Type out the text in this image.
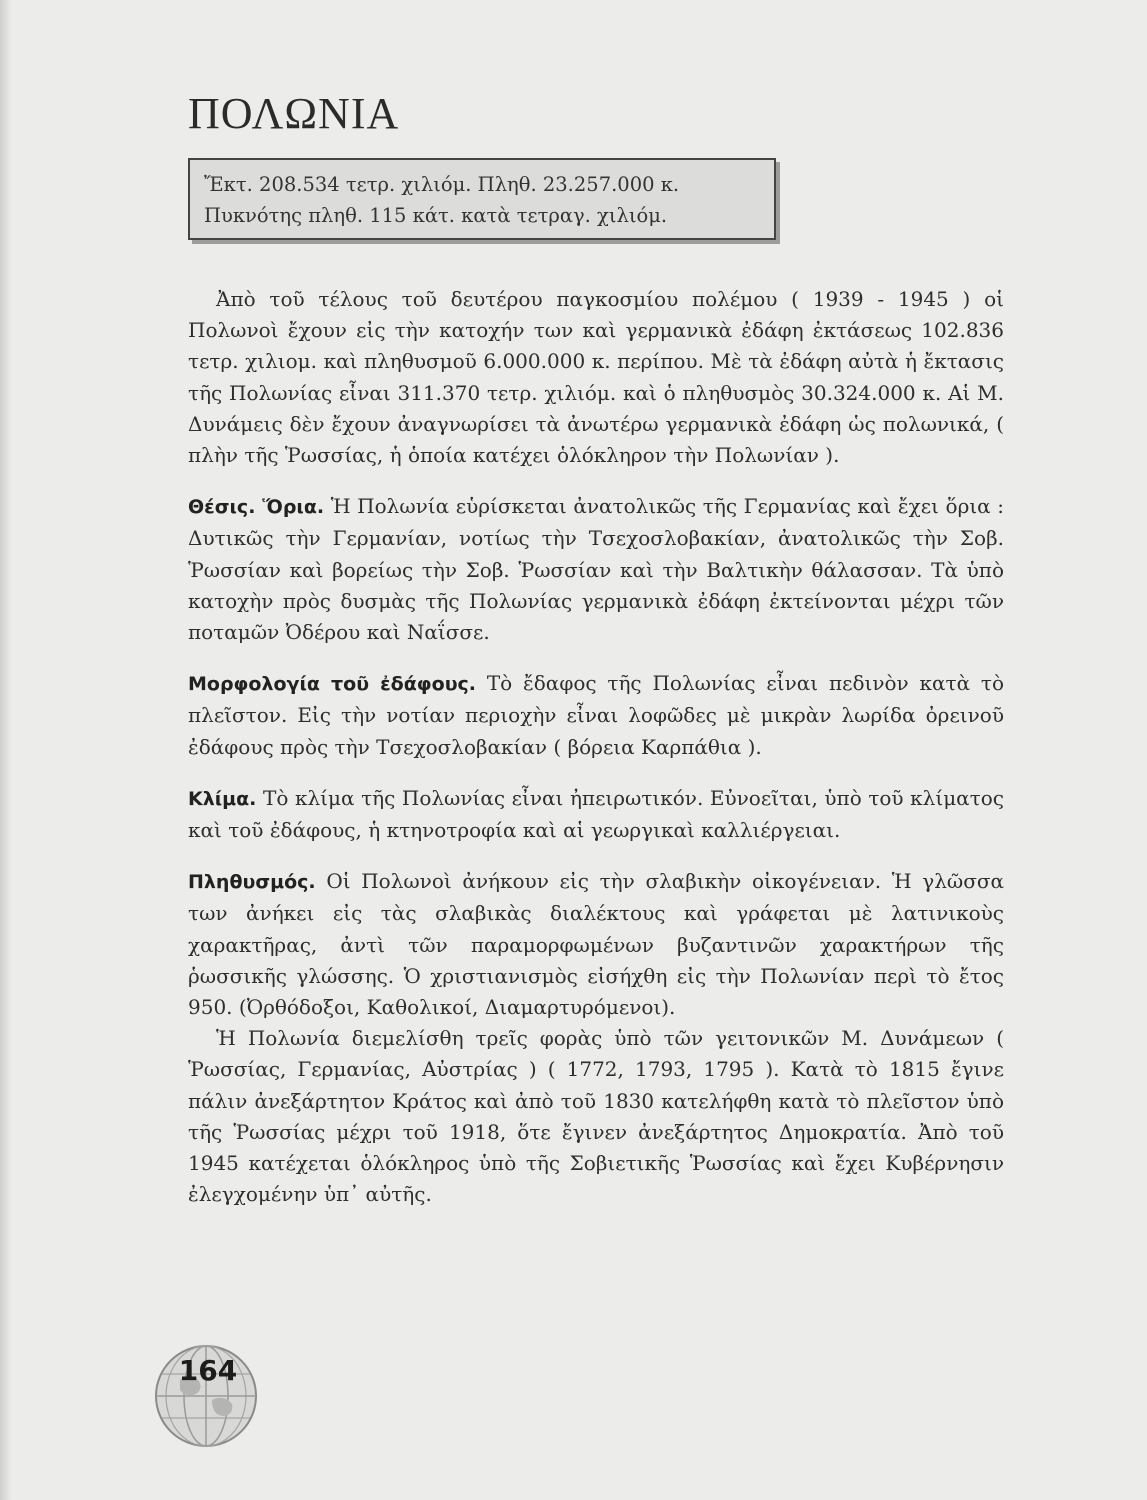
ΠΟΛΩΝΙΑ
Ἔκτ. 208.534 τετρ. χιλιόμ. Πληθ. 23.257.000 κ.
Πυκνότης πληθ. 115 κάτ. κατὰ τετραγ. χιλιόμ.

Ἀπὸ τοῦ τέλους τοῦ δευτέρου παγκοσμίου πολέμου ( 1939 - 1945 ) οἱ Πολωνοὶ ἔχουν εἰς τὴν κατοχήν των καὶ γερμανικὰ ἐδάφη ἐκτάσεως 102.836 τετρ. χιλιομ. καὶ πληθυσμοῦ 6.000.000 κ. περίπου. Μὲ τὰ ἐδάφη αὐτὰ ἡ ἔκτασις τῆς Πολωνίας εἶναι 311.370 τετρ. χιλιόμ. καὶ ὁ πληθυσμὸς 30.324.000 κ. Αἱ Μ. Δυνάμεις δὲν ἔχουν ἀναγνωρίσει τὰ ἀνωτέρω γερμανικὰ ἐδάφη ὡς πολωνικά, ( πλὴν τῆς Ῥωσσίας, ἡ ὁποία κατέχει ὁλόκληρον τὴν Πολωνίαν ).

Θέσις. Ὅρια. Ἡ Πολωνία εὑρίσκεται ἀνατολικῶς τῆς Γερμανίας καὶ ἔχει ὅρια : Δυτικῶς τὴν Γερμανίαν, νοτίως τὴν Τσεχοσλοβακίαν, ἀνατολικῶς τὴν Σοβ. Ῥωσσίαν καὶ βορείως τὴν Σοβ. Ῥωσσίαν καὶ τὴν Βαλτικὴν θάλασσαν. Τὰ ὑπὸ κατοχὴν πρὸς δυσμὰς τῆς Πολωνίας γερμανικὰ ἐδάφη ἐκτείνονται μέχρι τῶν ποταμῶν Ὀδέρου καὶ Ναΐσσε.

Μορφολογία τοῦ ἐδάφους. Τὸ ἔδαφος τῆς Πολωνίας εἶναι πεδινὸν κατὰ τὸ πλεῖστον. Εἰς τὴν νοτίαν περιοχὴν εἶναι λοφῶδες μὲ μικρὰν λωρίδα ὀρεινοῦ ἐδάφους πρὸς τὴν Τσεχοσλοβακίαν ( βόρεια Καρπάθια ).

Κλίμα. Τὸ κλίμα τῆς Πολωνίας εἶναι ἠπειρωτικόν. Εὐνοεῖται, ὑπὸ τοῦ κλίματος καὶ τοῦ ἐδάφους, ἡ κτηνοτροφία καὶ αἱ γεωργικαὶ καλλιέργειαι.

Πληθυσμός. Οἱ Πολωνοὶ ἀνήκουν εἰς τὴν σλαβικὴν οἰκογένειαν. Ἡ γλῶσσα των ἀνήκει εἰς τὰς σλαβικὰς διαλέκτους καὶ γράφεται μὲ λατινικοὺς χαρακτῆρας, ἀντὶ τῶν παραμορφωμένων βυζαντινῶν χαρακτήρων τῆς ῥωσσικῆς γλώσσης. Ὁ χριστιανισμὸς εἰσήχθη εἰς τὴν Πολωνίαν περὶ τὸ ἔτος 950. (Ὀρθόδοξοι, Καθολικοί, Διαμαρτυρόμενοι).

Ἡ Πολωνία διεμελίσθη τρεῖς φορὰς ὑπὸ τῶν γειτονικῶν Μ. Δυνάμεων ( Ῥωσσίας, Γερμανίας, Αὐστρίας ) ( 1772, 1793, 1795 ). Κατὰ τὸ 1815 ἔγινε πάλιν ἀνεξάρτητον Κράτος καὶ ἀπὸ τοῦ 1830 κατελήφθη κατὰ τὸ πλεῖστον ὑπὸ τῆς Ῥωσσίας μέχρι τοῦ 1918, ὅτε ἔγινεν ἀνεξάρτητος Δημοκρατία. Ἀπὸ τοῦ 1945 κατέχεται ὁλόκληρος ὑπὸ τῆς Σοβιετικῆς Ῥωσσίας καὶ ἔχει Κυβέρνησιν ἐλεγχομένην ὑπ᾽ αὐτῆς.

164
